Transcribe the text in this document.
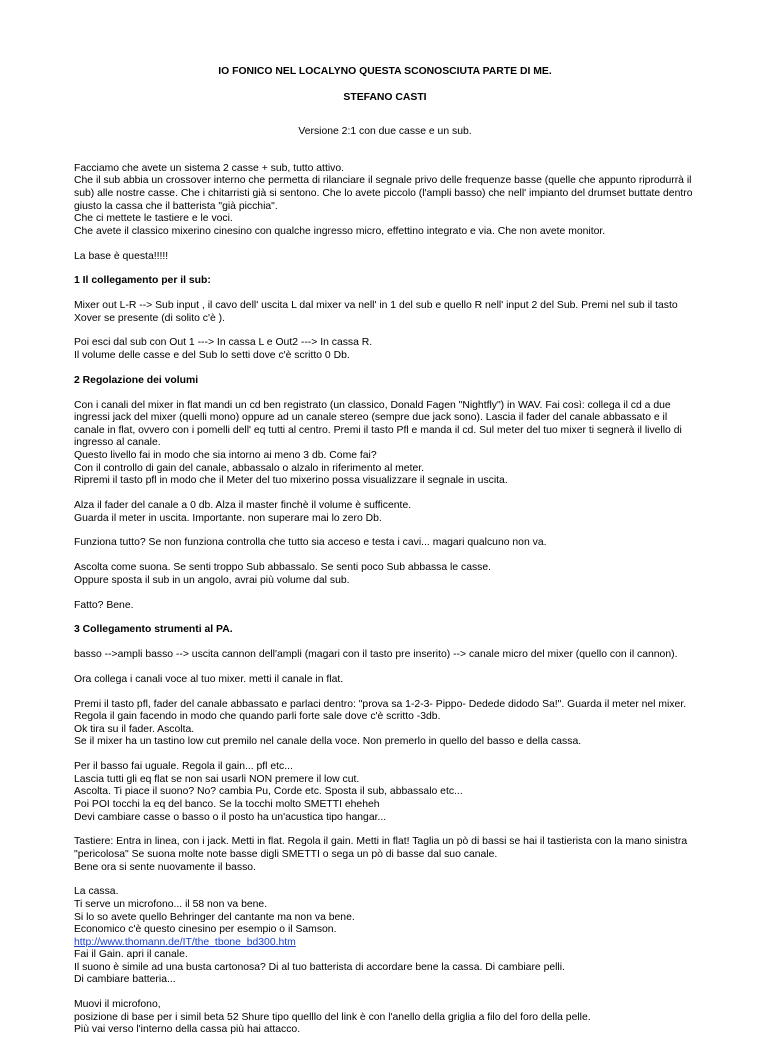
IO FONICO NEL LOCALYNO QUESTA SCONOSCIUTA PARTE DI ME.
STEFANO CASTI
Versione 2:1 con due casse e un sub.

Facciamo che avete un sistema 2 casse + sub, tutto attivo.
Che il sub abbia un crossover interno che permetta di rilanciare il segnale privo delle frequenze basse (quelle che appunto riprodurrà il sub) alle nostre casse. Che i chitarristi già si sentono. Che lo avete piccolo (l'ampli basso) che nell' impianto del drumset buttate dentro giusto la cassa che il batterista "già picchia".
Che ci mettete le tastiere e le voci.
Che avete il classico mixerino cinesino con qualche ingresso micro, effettino integrato e via. Che non avete monitor.

La base è questa!!!!!

1 Il collegamento per il sub:

Mixer out L-R --> Sub input , il cavo dell' uscita L dal mixer va nell' in 1 del sub e quello R nell' input 2 del Sub. Premi nel sub il tasto Xover se presente (di solito c'è ).

Poi esci dal sub con Out 1 ---> In cassa L e Out2 ---> In cassa R.
Il volume delle casse e del Sub lo setti dove c'è scritto 0 Db.

2 Regolazione dei volumi

Con i canali del mixer in flat mandi un cd ben registrato (un classico, Donald Fagen "Nightfly") in WAV. Fai così: collega il cd a due ingressi jack del mixer (quelli mono) oppure ad un canale stereo (sempre due jack sono). Lascia il fader del canale abbassato e il canale in flat, ovvero con i pomelli dell' eq tutti al centro. Premi il tasto Pfl e manda il cd. Sul meter del tuo mixer ti segnerà il livello di ingresso al canale.
Questo livello fai in modo che sia intorno ai meno 3 db. Come fai?
Con il controllo di gain del canale, abbassalo o alzalo in riferimento al meter.
Ripremi il tasto pfl in modo che il Meter del tuo mixerino possa visualizzare il segnale in uscita.

Alza il fader del canale a 0 db. Alza il master finchè il volume è sufficente.
Guarda il meter in uscita. Importante. non superare mai lo zero Db.

Funziona tutto? Se non funziona controlla che tutto sia acceso e testa i cavi... magari qualcuno non va.

Ascolta come suona. Se senti troppo Sub abbassalo. Se senti poco Sub abbassa le casse.
Oppure sposta il sub in un angolo, avrai più volume dal sub.

Fatto? Bene.

3 Collegamento strumenti al PA.

basso -->ampli basso --> uscita cannon dell'ampli (magari con il tasto pre inserito) --> canale micro del mixer (quello con il cannon).

Ora collega i canali voce al tuo mixer. metti il canale in flat.

Premi il tasto pfl, fader del canale abbassato e parlaci dentro: "prova sa 1-2-3- Pippo- Dedede didodo Sa!". Guarda il meter nel mixer.
Regola il gain facendo in modo che quando parli forte sale dove c'è scritto -3db.
Ok tira su il fader. Ascolta.
Se il mixer ha un tastino low cut premilo nel canale della voce. Non premerlo in quello del basso e della cassa.

Per il basso fai uguale. Regola il gain... pfl etc...
Lascia tutti gli eq flat se non sai usarli NON premere il low cut.
Ascolta. Ti piace il suono? No? cambia Pu, Corde etc. Sposta il sub, abbassalo etc...
Poi POI tocchi la eq del banco. Se la tocchi molto SMETTI eheheh
Devi cambiare casse o basso o il posto ha un'acustica tipo hangar...

Tastiere: Entra in linea, con i jack. Metti in flat. Regola il gain. Metti in flat! Taglia un pò di bassi se hai il tastierista con la mano sinistra "pericolosa" Se suona molte note basse digli SMETTI o sega un pò di basse dal suo canale.
Bene ora si sente nuovamente il basso.

La cassa.
Ti serve un microfono... il 58 non va bene.
Si lo so avete quello Behringer del cantante ma non va bene.
Economico c'è questo cinesino per esempio o il Samson.
http://www.thomann.de/IT/the_tbone_bd300.htm
Fai il Gain. apri il canale.
Il suono è simile ad una busta cartonosa? Di al tuo batterista di accordare bene la cassa. Di cambiare pelli.
Di cambiare batteria...

Muovi il microfono,
posizione di base per i simil beta 52 Shure tipo quelllo del link è con l'anello della griglia a filo del foro della pelle.
Più vai verso l'interno della cassa più hai attacco.
